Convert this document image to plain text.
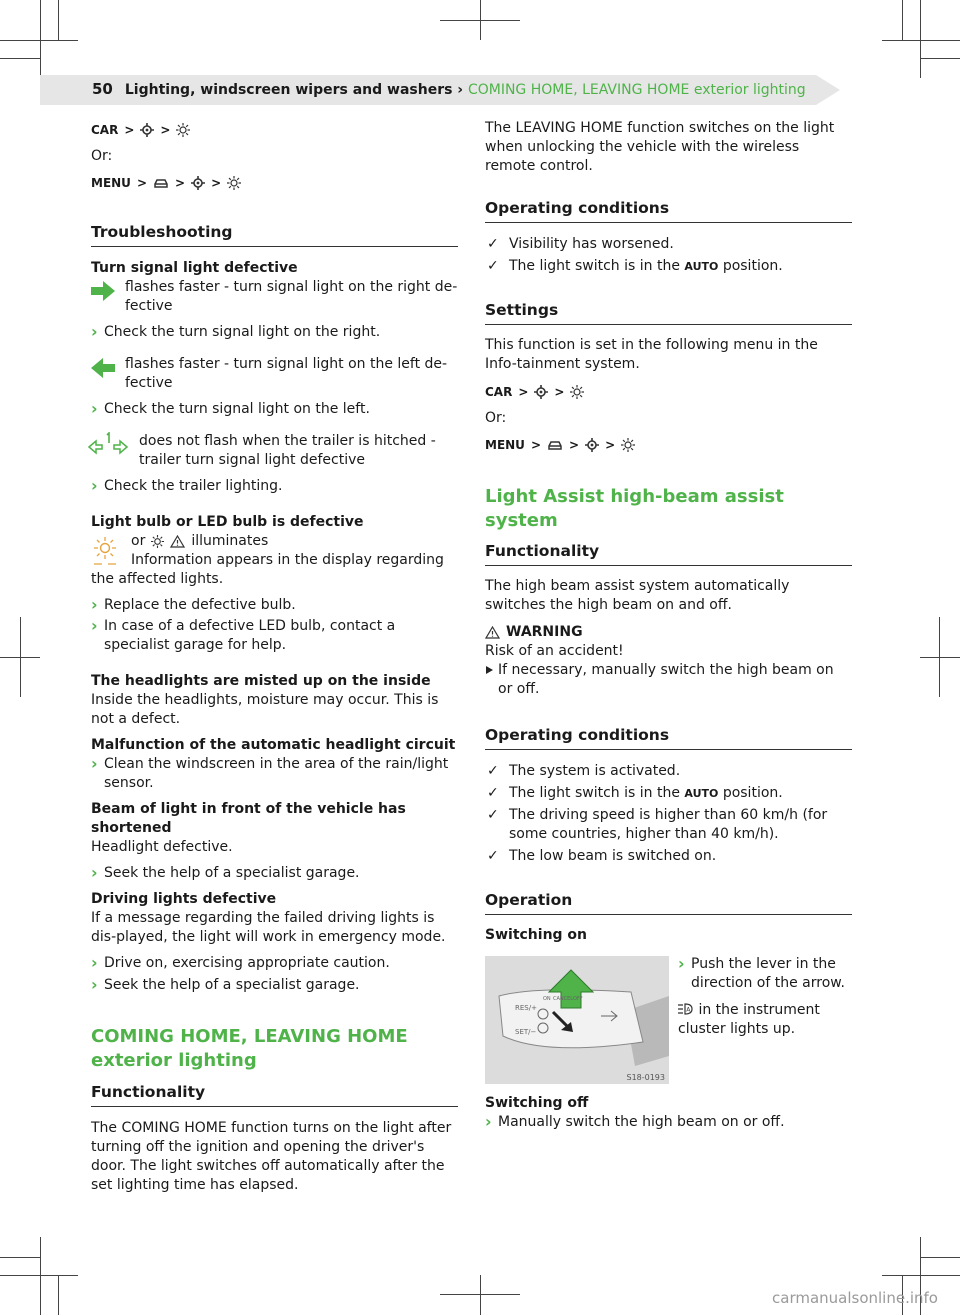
50 Lighting, windscreen wipers and washers › COMING HOME, LEAVING HOME exterior lighting
CAR > >

Or:

MENU > > >
Troubleshooting

Turn signal light defective

flashes faster - turn signal light on the right de-fective

› Check the turn signal light on the right.

flashes faster - turn signal light on the left de-fective

› Check the turn signal light on the left.

does not flash when the trailer is hitched - trailer turn signal light defective

› Check the trailer lighting.

Light bulb or LED bulb is defective

or	illuminates

Information appears in the display regarding the affected lights.

› Replace the defective bulb.

› In case of a defective LED bulb, contact a specialist garage for help.

The headlights are misted up on the inside

Inside the headlights, moisture may occur. This is not a defect.

Malfunction of the automatic headlight circuit

› Clean the windscreen in the area of the rain/light sensor.

Beam of light in front of the vehicle has shortened

Headlight defective.

› Seek the help of a specialist garage.

Driving lights defective

If a message regarding the failed driving lights is dis-played, the light will work in emergency mode.

› Drive on, exercising appropriate caution.

› Seek the help of a specialist garage.

COMING HOME, LEAVING HOME exterior lighting

Functionality

The COMING HOME function turns on the light after turning off the ignition and opening the driver's door. The light switches off automatically after the set lighting time has elapsed.

The LEAVING HOME function switches on the light when unlocking the vehicle with the wireless remote control.

Operating conditions

✓ Visibility has worsened.

✓ The light switch is in the AUTO position.

Settings

This function is set in the following menu in the Info-tainment system.

CAR > >

Or:

MENU > > >

Light Assist high-beam assist system

Functionality

The high beam assist system automatically switches the high beam on and off.

WARNING

Risk of an accident!

If necessary, manually switch the high beam on or off.

Operating conditions

✓ The system is activated.

✓ The light switch is in the AUTO position.

✓ The driving speed is higher than 60 km/h (for some countries, higher than 40 km/h).

✓ The low beam is switched on.

Operation

Switching on

RES/+
SET/−
ON CANCEL OFF
S18-0193

› Push the lever in the direction of the arrow.

A in the instrument cluster lights up.

Switching off

› Manually switch the high beam on or off.

carmanualsonline.info
